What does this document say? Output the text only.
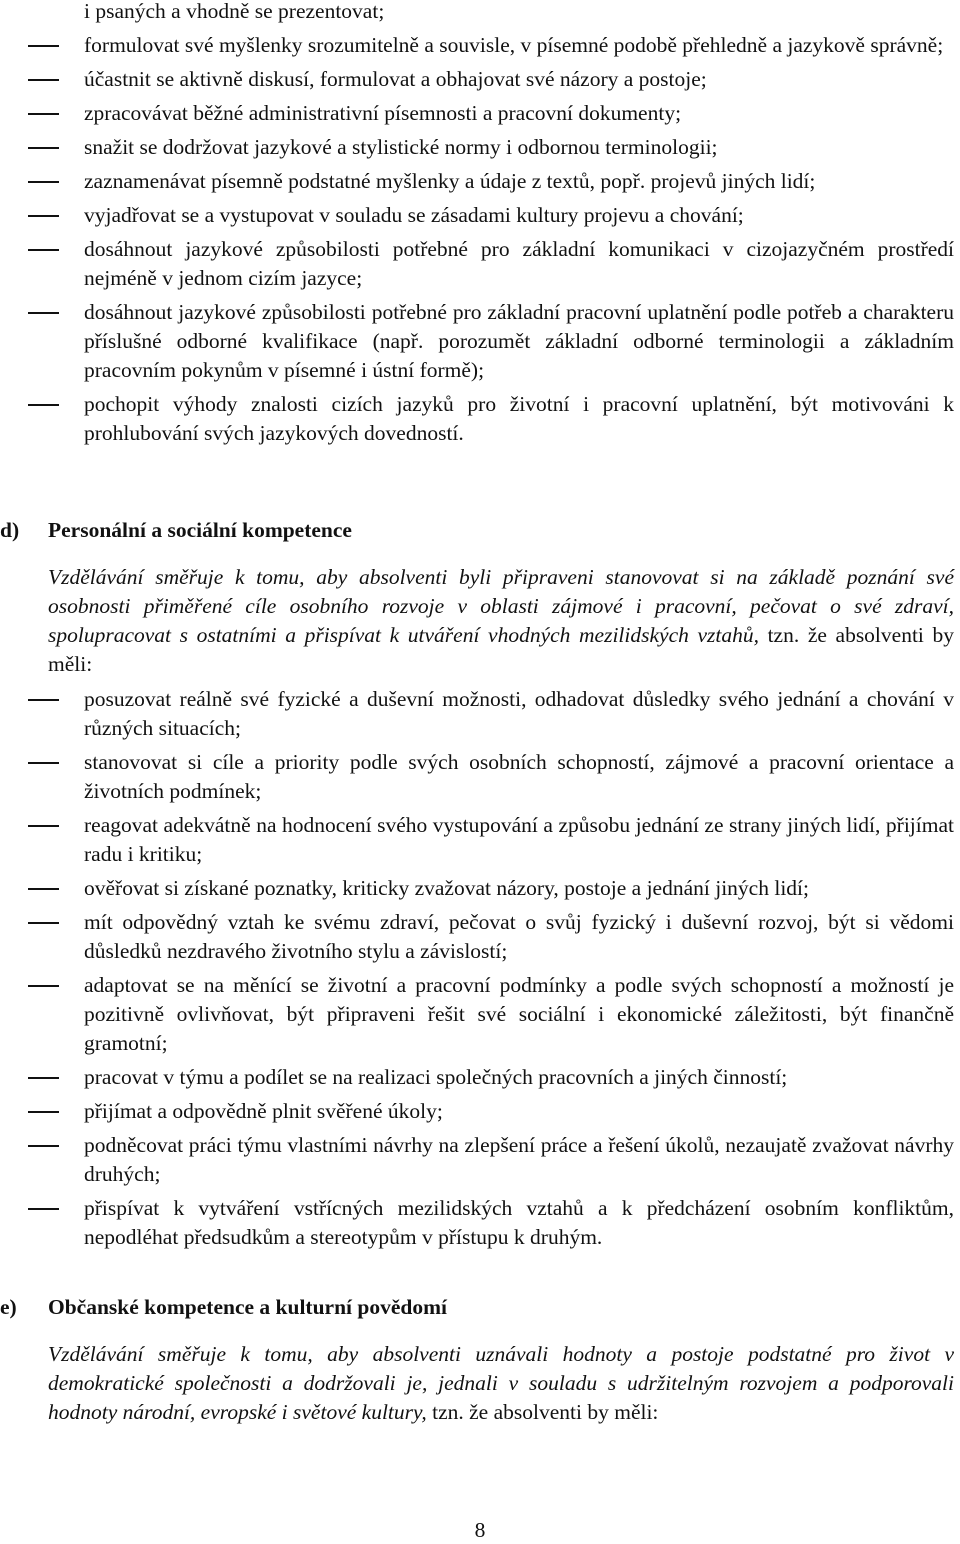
i psaných a vhodně se prezentovat;

formulovat své myšlenky srozumitelně a souvisle, v písemné podobě přehledně a jazykově správně;
účastnit se aktivně diskusí, formulovat a obhajovat své názory a postoje;
zpracovávat běžné administrativní písemnosti a pracovní dokumenty;
snažit se dodržovat jazykové a stylistické normy i odbornou terminologii;
zaznamenávat písemně podstatné myšlenky a údaje z textů, popř. projevů jiných lidí;
vyjadřovat se a vystupovat v souladu se zásadami kultury projevu a chování;
dosáhnout jazykové způsobilosti potřebné pro základní komunikaci v cizojazyčném prostředí nejméně v jednom cizím jazyce;
dosáhnout jazykové způsobilosti potřebné pro základní pracovní uplatnění podle potřeb a charakteru příslušné odborné kvalifikace (např. porozumět základní odborné terminologii a základním pracovním pokynům v písemné i ústní formě);
pochopit výhody znalosti cizích jazyků pro životní i pracovní uplatnění, být motivováni k prohlubování svých jazykových dovedností.
d) Personální a sociální kompetence

Vzdělávání směřuje k tomu, aby absolventi byli připraveni stanovovat si na základě poznání své osobnosti přiměřené cíle osobního rozvoje v oblasti zájmové i pracovní, pečovat o své zdraví, spolupracovat s ostatními a přispívat k utváření vhodných mezilidských vztahů, tzn. že absolventi by měli:

posuzovat reálně své fyzické a duševní možnosti, odhadovat důsledky svého jednání a chování v různých situacích;
stanovovat si cíle a priority podle svých osobních schopností, zájmové a pracovní orientace a životních podmínek;
reagovat adekvátně na hodnocení svého vystupování a způsobu jednání ze strany jiných lidí, přijímat radu i kritiku;
ověřovat si získané poznatky, kriticky zvažovat názory, postoje a jednání jiných lidí;
mít odpovědný vztah ke svému zdraví, pečovat o svůj fyzický i duševní rozvoj, být si vědomi důsledků nezdravého životního stylu a závislostí;
adaptovat se na měnící se životní a pracovní podmínky a podle svých schopností a možností je pozitivně ovlivňovat, být připraveni řešit své sociální i ekonomické záležitosti, být finančně gramotní;
pracovat v týmu a podílet se na realizaci společných pracovních a jiných činností;
přijímat a odpovědně plnit svěřené úkoly;
podněcovat práci týmu vlastními návrhy na zlepšení práce a řešení úkolů, nezaujatě zvažovat návrhy druhých;
přispívat k vytváření vstřícných mezilidských vztahů a k předcházení osobním konfliktům, nepodléhat předsudkům a stereotypům v přístupu k druhým.
e) Občanské kompetence a kulturní povědomí

Vzdělávání směřuje k tomu, aby absolventi uznávali hodnoty a postoje podstatné pro život v demokratické společnosti a dodržovali je, jednali v souladu s udržitelným rozvojem a podporovali hodnoty národní, evropské i světové kultury, tzn. že absolventi by měli:

8
